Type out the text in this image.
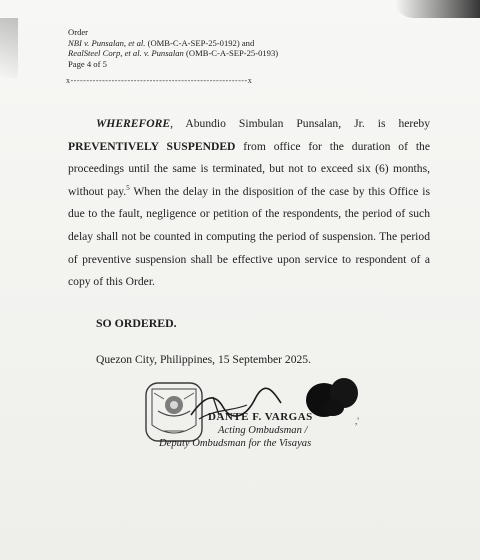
Order
NBI v. Punsalan, et al. (OMB-C-A-SEP-25-0192) and
RealSteel Corp, et al. v. Punsalan (OMB-C-A-SEP-25-0193)
Page 4 of 5
x--------------------------------------------------------x
WHEREFORE, Abundio Simbulan Punsalan, Jr. is hereby PREVENTIVELY SUSPENDED from office for the duration of the proceedings until the same is terminated, but not to exceed six (6) months, without pay.$^5$ When the delay in the disposition of the case by this Office is due to the fault, negligence or petition of the respondents, the period of such delay shall not be counted in computing the period of suspension. The period of preventive suspension shall be effective upon service to respondent of a copy of this Order.
SO ORDERED.
Quezon City, Philippines, 15 September 2025.
,'
DANTE F. VARGAS
Acting Ombudsman /
Deputy Ombudsman for the Visayas
